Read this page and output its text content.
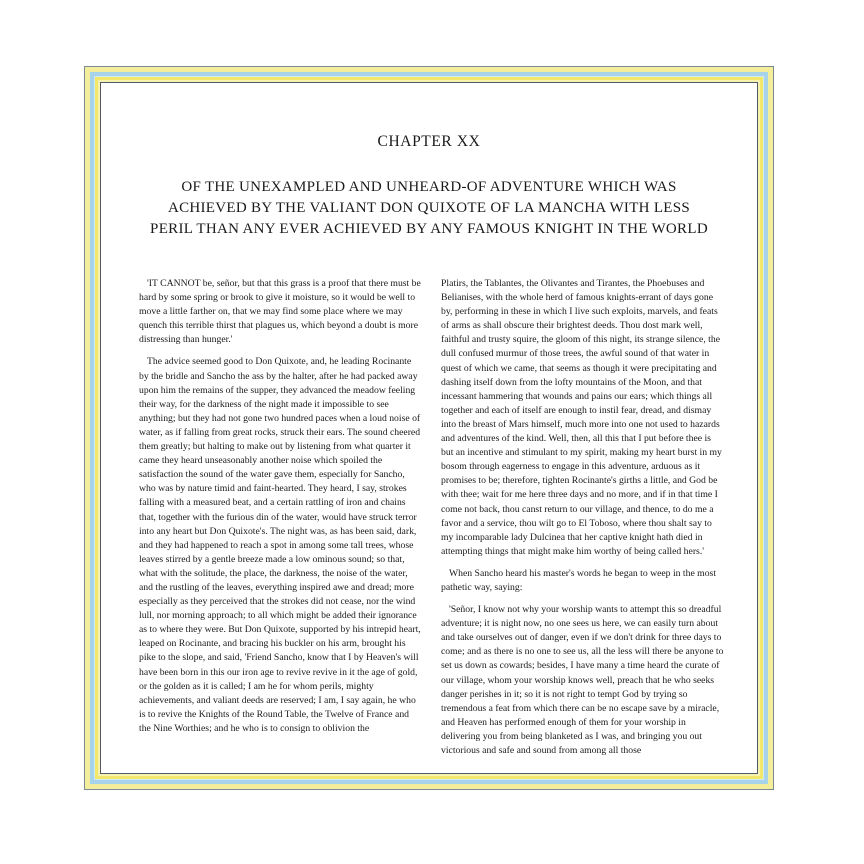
CHAPTER XX
OF THE UNEXAMPLED AND UNHEARD-OF ADVENTURE WHICH WAS
ACHIEVED BY THE VALIANT DON QUIXOTE OF LA MANCHA WITH LESS
PERIL THAN ANY EVER ACHIEVED BY ANY FAMOUS KNIGHT IN THE WORLD

'IT CANNOT be, señor, but that this grass is a proof that there must be hard by some spring or brook to give it moisture, so it would be well to move a little farther on, that we may find some place where we may quench this terrible thirst that plagues us, which beyond a doubt is more distressing than hunger.'

The advice seemed good to Don Quixote, and, he leading Rocinante by the bridle and Sancho the ass by the halter, after he had packed away upon him the remains of the supper, they advanced the meadow feeling their way, for the darkness of the night made it impossible to see anything; but they had not gone two hundred paces when a loud noise of water, as if falling from great rocks, struck their ears. The sound cheered them greatly; but halting to make out by listening from what quarter it came they heard unseasonably another noise which spoiled the satisfaction the sound of the water gave them, especially for Sancho, who was by nature timid and faint-hearted. They heard, I say, strokes falling with a measured beat, and a certain rattling of iron and chains that, together with the furious din of the water, would have struck terror into any heart but Don Quixote's. The night was, as has been said, dark, and they had happened to reach a spot in among some tall trees, whose leaves stirred by a gentle breeze made a low ominous sound; so that, what with the solitude, the place, the darkness, the noise of the water, and the rustling of the leaves, everything inspired awe and dread; more especially as they perceived that the strokes did not cease, nor the wind lull, nor morning approach; to all which might be added their ignorance as to where they were. But Don Quixote, supported by his intrepid heart, leaped on Rocinante, and bracing his buckler on his arm, brought his pike to the slope, and said, 'Friend Sancho, know that I by Heaven's will have been born in this our iron age to revive revive in it the age of gold, or the golden as it is called; I am he for whom perils, mighty achievements, and valiant deeds are reserved; I am, I say again, he who is to revive the Knights of the Round Table, the Twelve of France and the Nine Worthies; and he who is to consign to oblivion the

Platirs, the Tablantes, the Olivantes and Tirantes, the Phoebuses and Belianises, with the whole herd of famous knights-errant of days gone by, performing in these in which I live such exploits, marvels, and feats of arms as shall obscure their brightest deeds. Thou dost mark well, faithful and trusty squire, the gloom of this night, its strange silence, the dull confused murmur of those trees, the awful sound of that water in quest of which we came, that seems as though it were precipitating and dashing itself down from the lofty mountains of the Moon, and that incessant hammering that wounds and pains our ears; which things all together and each of itself are enough to instil fear, dread, and dismay into the breast of Mars himself, much more into one not used to hazards and adventures of the kind. Well, then, all this that I put before thee is but an incentive and stimulant to my spirit, making my heart burst in my bosom through eagerness to engage in this adventure, arduous as it promises to be; therefore, tighten Rocinante's girths a little, and God be with thee; wait for me here three days and no more, and if in that time I come not back, thou canst return to our village, and thence, to do me a favor and a service, thou wilt go to El Toboso, where thou shalt say to my incomparable lady Dulcinea that her captive knight hath died in attempting things that might make him worthy of being called hers.'

When Sancho heard his master's words he began to weep in the most pathetic way, saying:

'Señor, I know not why your worship wants to attempt this so dreadful adventure; it is night now, no one sees us here, we can easily turn about and take ourselves out of danger, even if we don't drink for three days to come; and as there is no one to see us, all the less will there be anyone to set us down as cowards; besides, I have many a time heard the curate of our village, whom your worship knows well, preach that he who seeks danger perishes in it; so it is not right to tempt God by trying so tremendous a feat from which there can be no escape save by a miracle, and Heaven has performed enough of them for your worship in delivering you from being blanketed as I was, and bringing you out victorious and safe and sound from among all those
